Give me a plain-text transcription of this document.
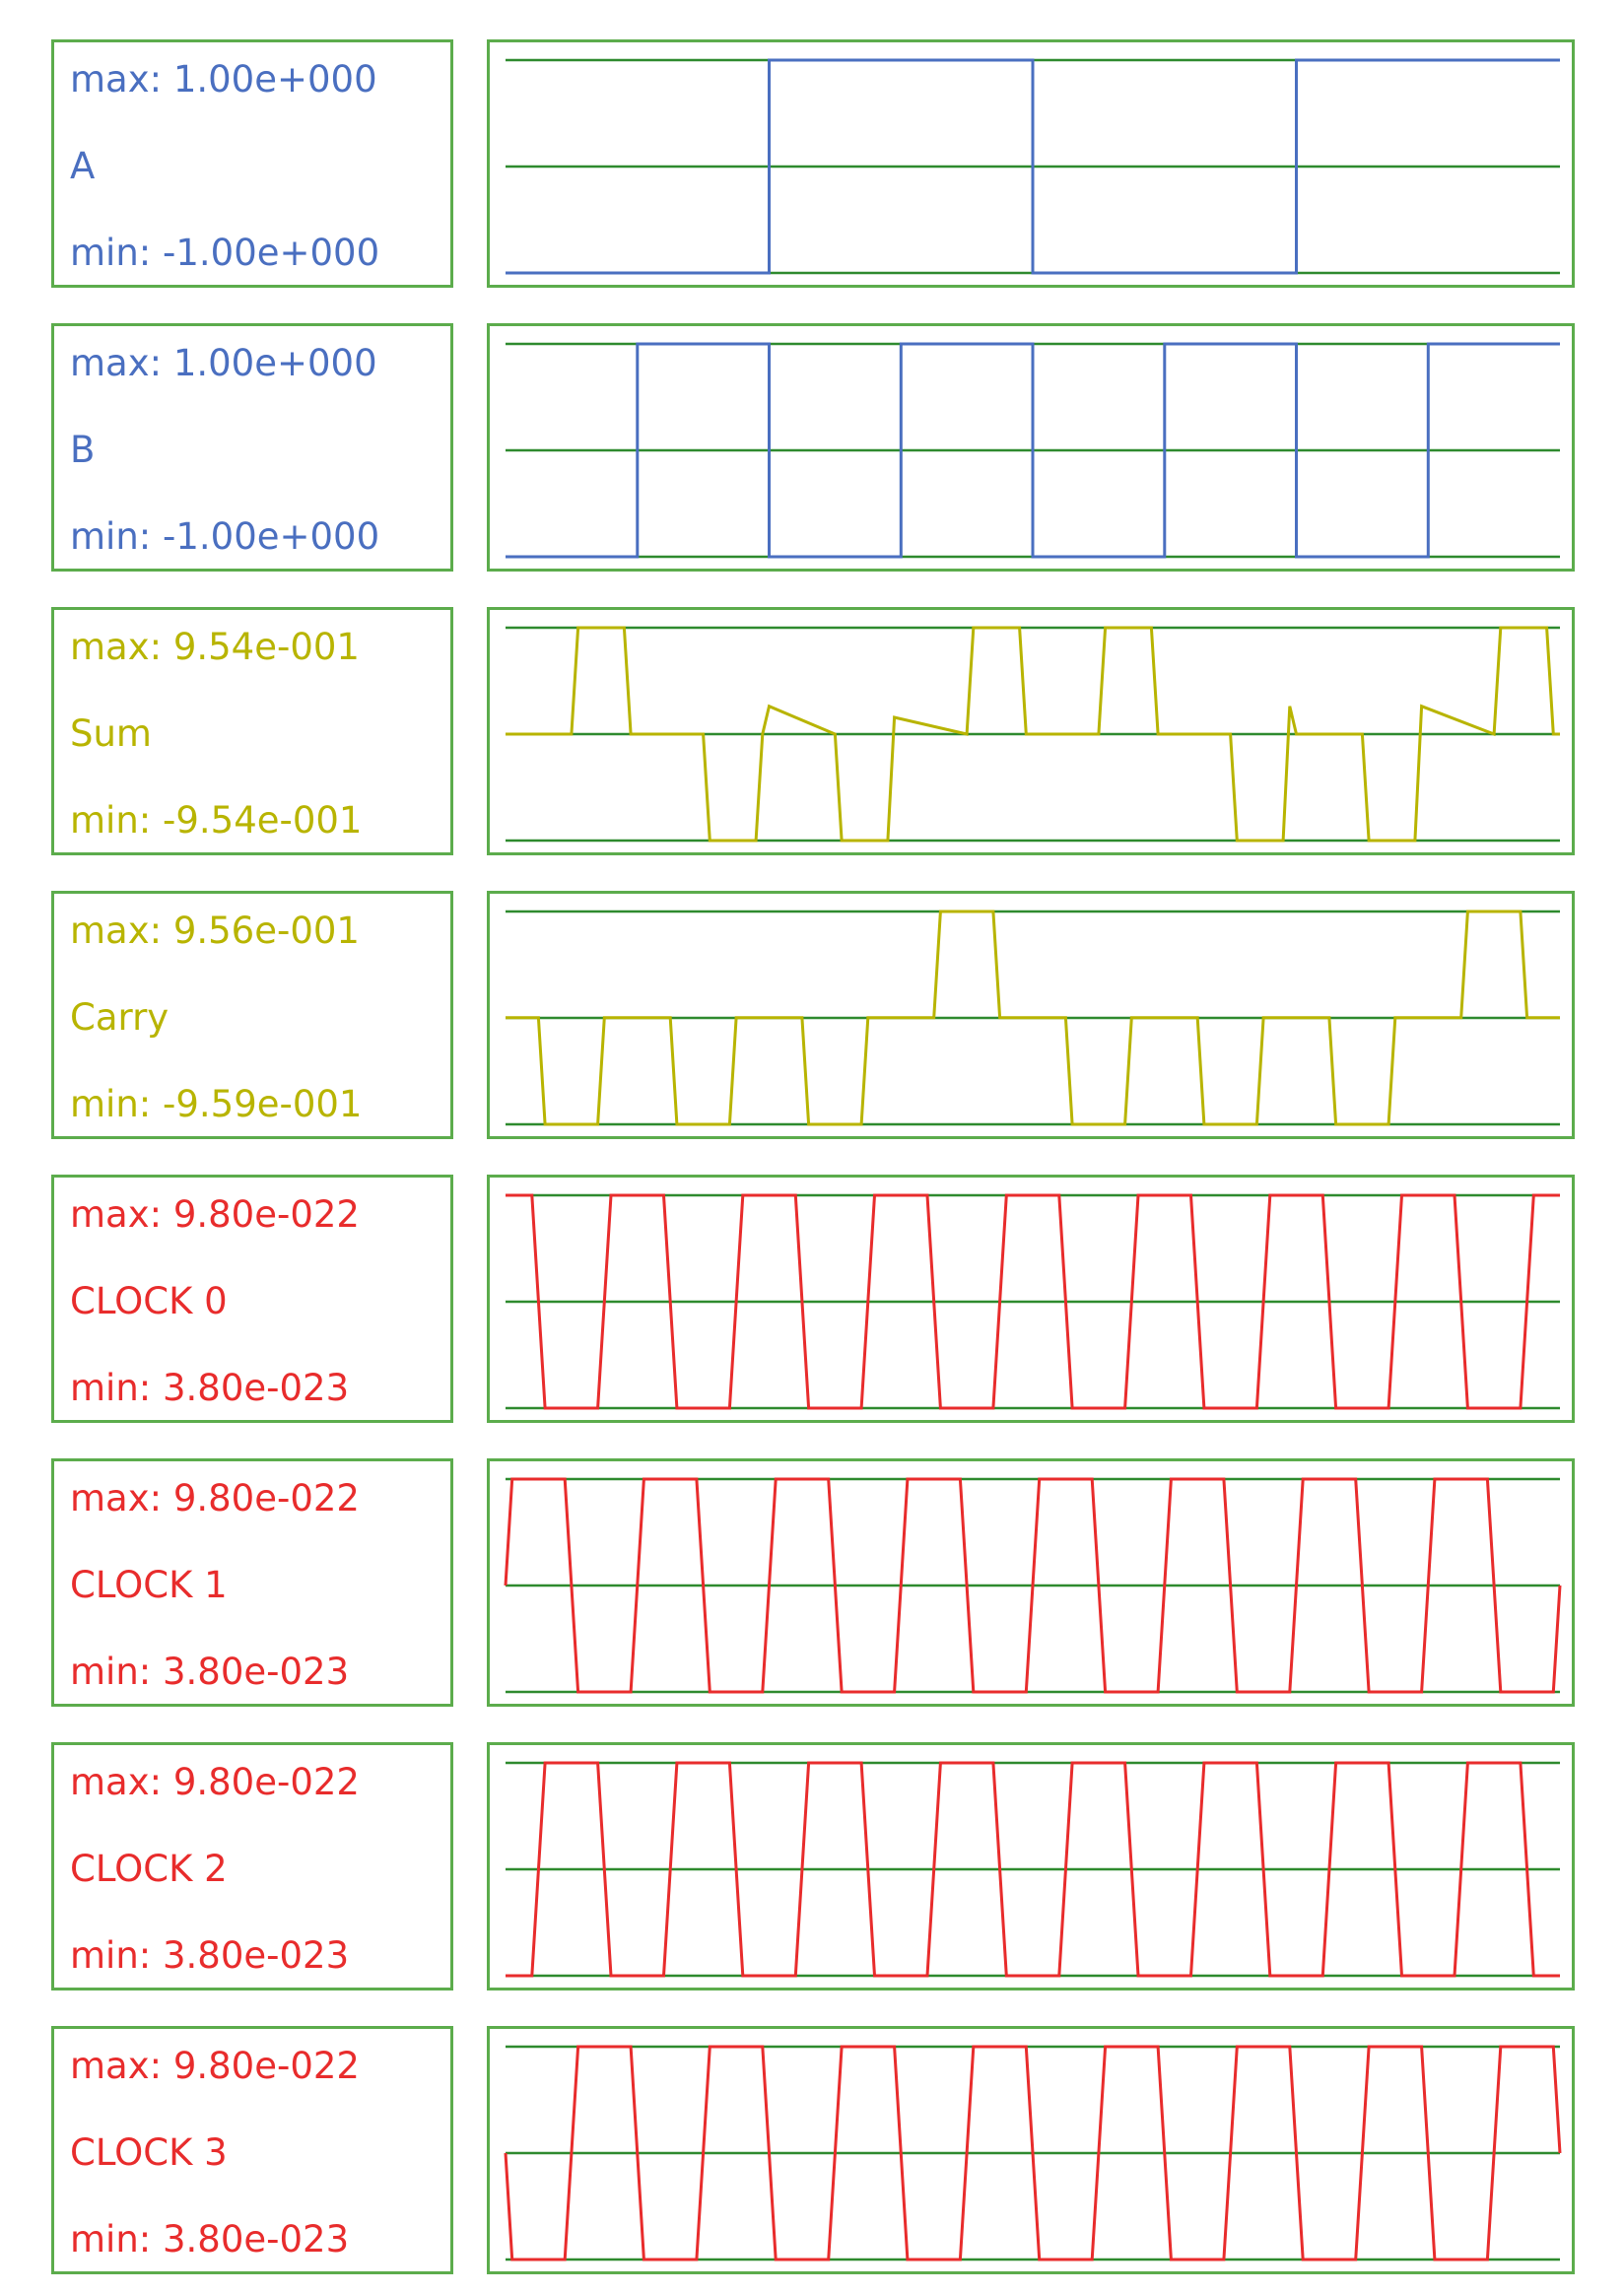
max: 1.00e+000
A
min: -1.00e+000
max: 1.00e+000
B
min: -1.00e+000
max: 9.54e-001
Sum
min: -9.54e-001
max: 9.56e-001
Carry
min: -9.59e-001
max: 9.80e-022
CLOCK 0
min: 3.80e-023
max: 9.80e-022
CLOCK 1
min: 3.80e-023
max: 9.80e-022
CLOCK 2
min: 3.80e-023
max: 9.80e-022
CLOCK 3
min: 3.80e-023
